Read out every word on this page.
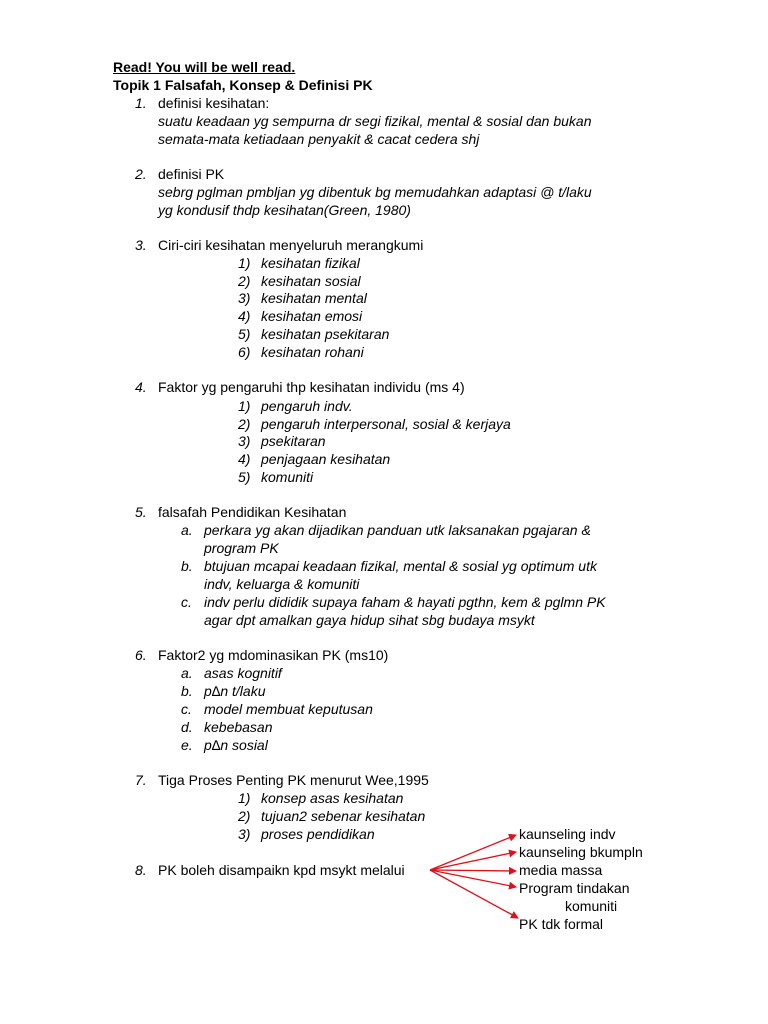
Read! You will be well read.
Topik 1 Falsafah, Konsep & Definisi PK
1. definisi kesihatan:
suatu keadaan yg sempurna dr segi fizikal, mental & sosial dan bukan
semata-mata ketiadaan penyakit & cacat cedera shj
2. definisi PK
sebrg pglman pmbljan yg dibentuk bg memudahkan adaptasi @ t/laku
yg kondusif thdp kesihatan(Green, 1980)
3. Ciri-ciri kesihatan menyeluruh merangkumi
1) kesihatan fizikal
2) kesihatan sosial
3) kesihatan mental
4) kesihatan emosi
5) kesihatan psekitaran
6) kesihatan rohani
4. Faktor yg pengaruhi thp kesihatan individu (ms 4)
1) pengaruh indv.
2) pengaruh interpersonal, sosial & kerjaya
3) psekitaran
4) penjagaan kesihatan
5) komuniti
5. falsafah Pendidikan Kesihatan
a. perkara yg akan dijadikan panduan utk laksanakan pgajaran &
program PK
b. btujuan mcapai keadaan fizikal, mental & sosial yg optimum utk
indv, keluarga & komuniti
c. indv perlu dididik supaya faham & hayati pgthn, kem & pglmn PK
agar dpt amalkan gaya hidup sihat sbg budaya msykt
6. Faktor2 yg mdominasikan PK (ms10)
a. asas kognitif
b. p∆n t/laku
c. model membuat keputusan
d. kebebasan
e. p∆n sosial
7. Tiga Proses Penting PK menurut Wee,1995
1) konsep asas kesihatan
2) tujuan2 sebenar kesihatan
3) proses pendidikan
8. PK boleh disampaikn kpd msykt melalui
kaunseling indv
kaunseling bkumpln
media massa
Program tindakan
komuniti
PK tdk formal
